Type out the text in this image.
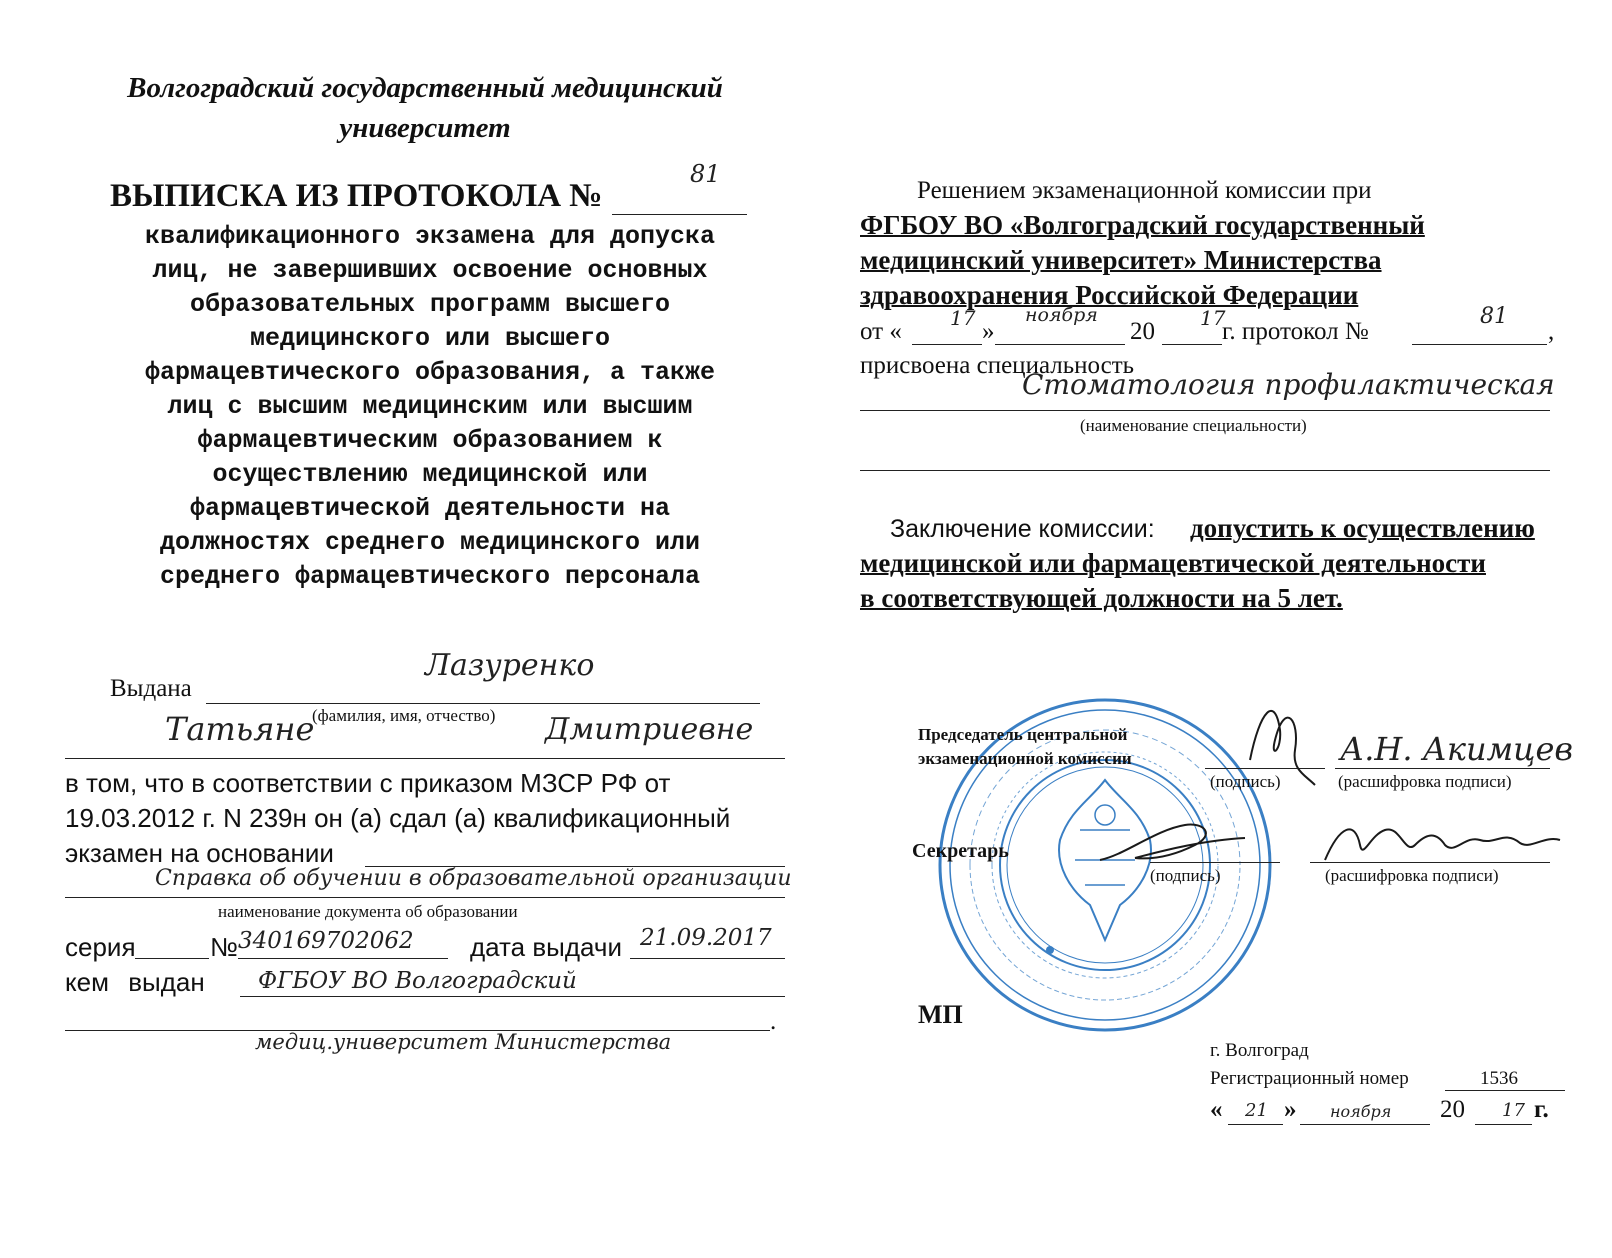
Волгоградский государственный медицинский
университет
ВЫПИСКА ИЗ ПРОТОКОЛА №
81
квалификационного экзамена для допуска
лиц, не завершивших освоение основных
образовательных программ высшего
медицинского или высшего
фармацевтического образования, а также
лиц с высшим медицинским или высшим
фармацевтическим образованием к
осуществлению медицинской или
фармацевтической деятельности на
должностях среднего медицинского или
среднего фармацевтического персонала
Выдана
Лазуренко
Татьяне
(фамилия, имя, отчество) Дмитриевне
в том, что в соответствии с приказом МЗСР РФ от
19.03.2012 г. N 239н он (а) сдал (а) квалификационный
экзамен на основании
Справка об обучении в образовательной организации
наименование документа об образовании
серия	№ 340169702062 дата выдачи 21.09.2017
кем выдан ФГБОУ ВО Волгоградский
.
медиц.университет Министерства
Решением экзаменационной комиссии при
ФГБОУ ВО «Волгоградский государственный
медицинский университет» Министерства
здравоохранения Российской Федерации
от « 17 »
ноября
20 17
г. протокол №
81
,
присвоена специальность
Стоматология профилактическая
(наименование специальности)
Заключение комиссии: допустить к осуществлению
медицинской или фармацевтической деятельности
в соответствующей должности на 5 лет.
Председатель центральной
экзаменационной комиссии
(подпись)
А.Н. Акимцев
(расшифровка подписи)
Секретарь
(подпись)	(расшифровка подписи)
МП
г. Волгоград
Регистрационный номер	1536
« 21 » ноября 20 17 г.
